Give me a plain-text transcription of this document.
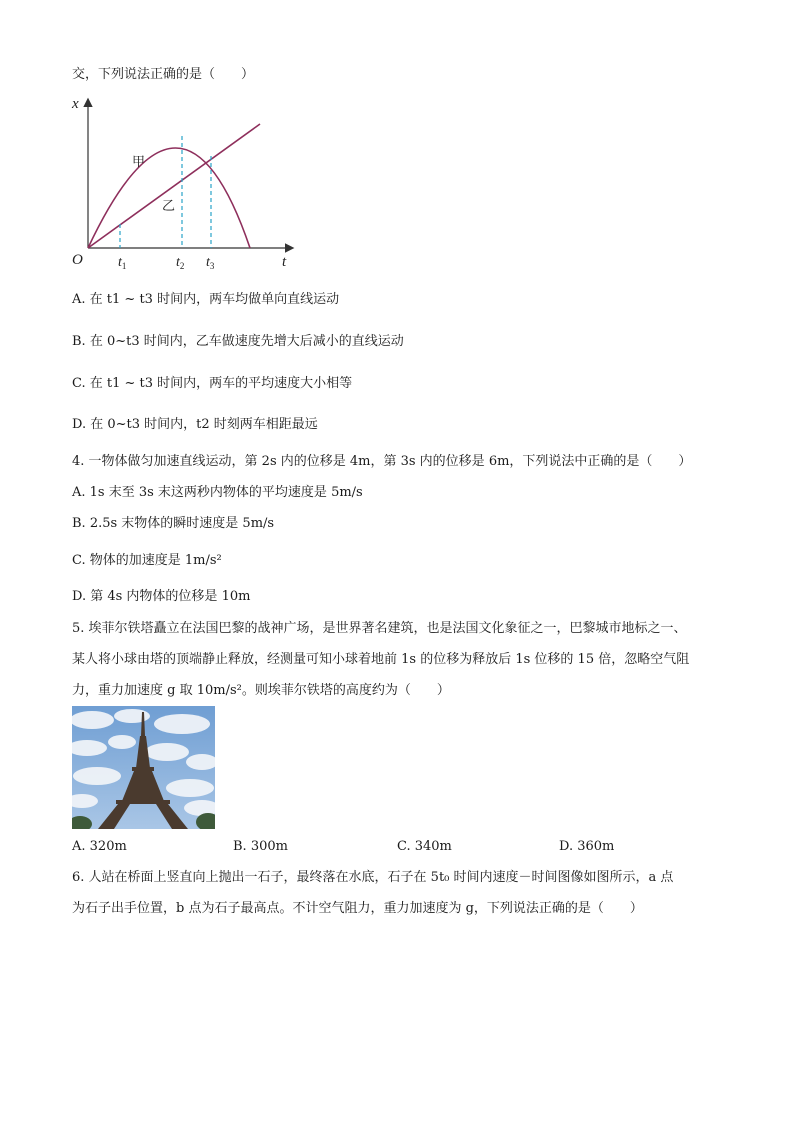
交，下列说法正确的是（　　）
x
t
O
甲
乙
$t_1$	$t_2$ $t_3$
A. 在 t1 ~ t3 时间内，两车均做单向直线运动
B. 在 0~t3 时间内，乙车做速度先增大后减小的直线运动
C. 在 t1 ~ t3 时间内，两车的平均速度大小相等
D. 在 0~t3 时间内，t2 时刻两车相距最远
4. 一物体做匀加速直线运动，第 2s 内的位移是 4m，第 3s 内的位移是 6m，下列说法中正确的是（　　）
A. 1s 末至 3s 末这两秒内物体的平均速度是 5m/s
B. 2.5s 末物体的瞬时速度是 5m/s
C. 物体的加速度是 1m/s²
D. 第 4s 内物体的位移是 10m
5. 埃菲尔铁塔矗立在法国巴黎的战神广场，是世界著名建筑，也是法国文化象征之一，巴黎城市地标之一、
某人将小球由塔的顶端静止释放，经测量可知小球着地前 1s 的位移为释放后 1s 位移的 15 倍，忽略空气阻
力，重力加速度 g 取 10m/s²。则埃菲尔铁塔的高度约为（　　）
A. 320m	B. 300m	C. 340m	D. 360m
6. 人站在桥面上竖直向上抛出一石子，最终落在水底，石子在 5t₀ 时间内速度－时间图像如图所示，a 点
为石子出手位置，b 点为石子最高点。不计空气阻力，重力加速度为 g，下列说法正确的是（　　）
